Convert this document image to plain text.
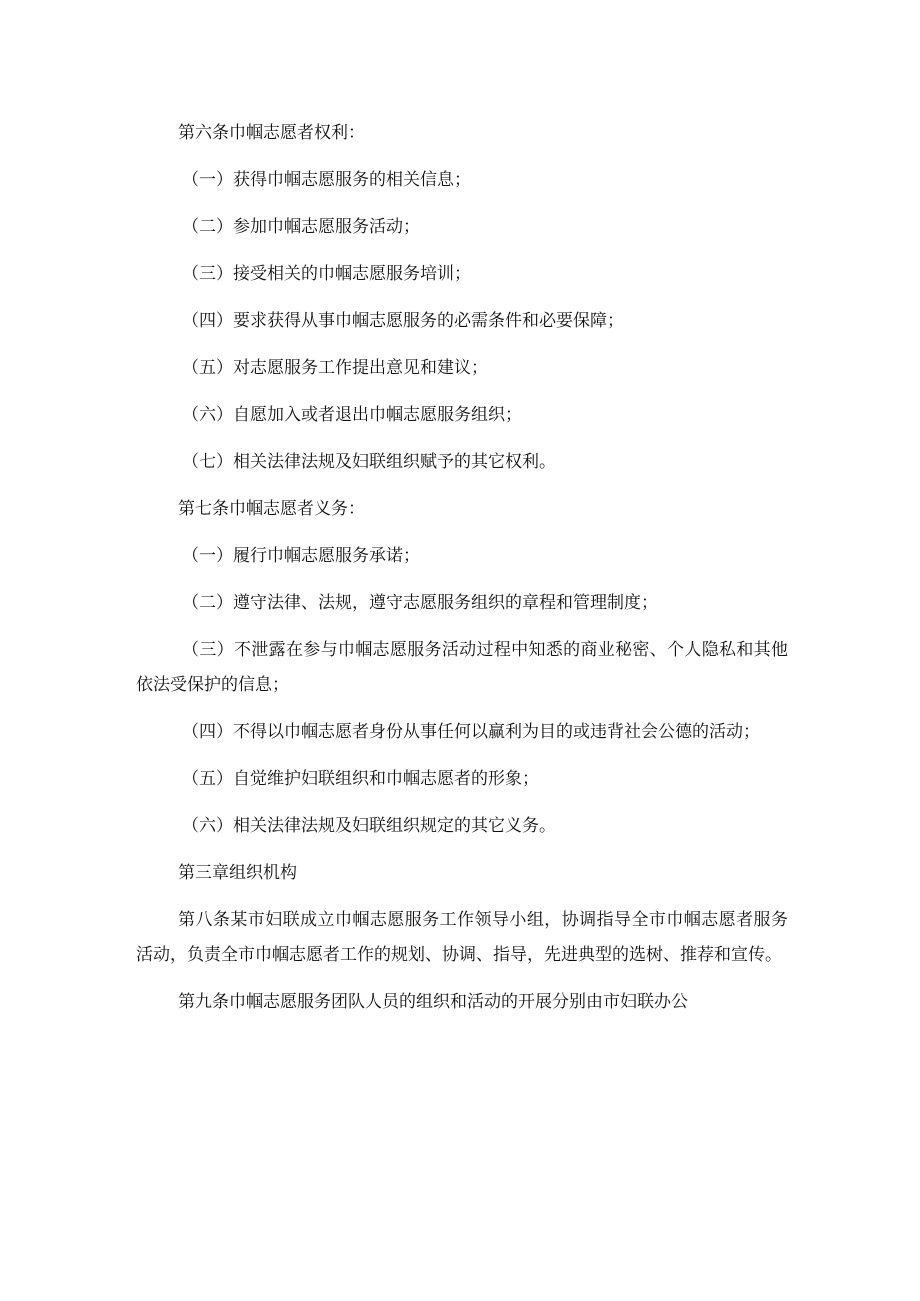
第六条巾帼志愿者权利：

（一）获得巾帼志愿服务的相关信息；

（二）参加巾帼志愿服务活动；

（三）接受相关的巾帼志愿服务培训；

（四）要求获得从事巾帼志愿服务的必需条件和必要保障；

（五）对志愿服务工作提出意见和建议；

（六）自愿加入或者退出巾帼志愿服务组织；

（七）相关法律法规及妇联组织赋予的其它权利。

第七条巾帼志愿者义务：

（一）履行巾帼志愿服务承诺；

（二）遵守法律、法规，遵守志愿服务组织的章程和管理制度；

（三）不泄露在参与巾帼志愿服务活动过程中知悉的商业秘密、个人隐私和其他依法受保护的信息；

（四）不得以巾帼志愿者身份从事任何以赢利为目的或违背社会公德的活动；

（五）自觉维护妇联组织和巾帼志愿者的形象；

（六）相关法律法规及妇联组织规定的其它义务。

第三章组织机构

第八条某市妇联成立巾帼志愿服务工作领导小组，协调指导全市巾帼志愿者服务活动，负责全市巾帼志愿者工作的规划、协调、指导，先进典型的选树、推荐和宣传。

第九条巾帼志愿服务团队人员的组织和活动的开展分别由市妇联办公
